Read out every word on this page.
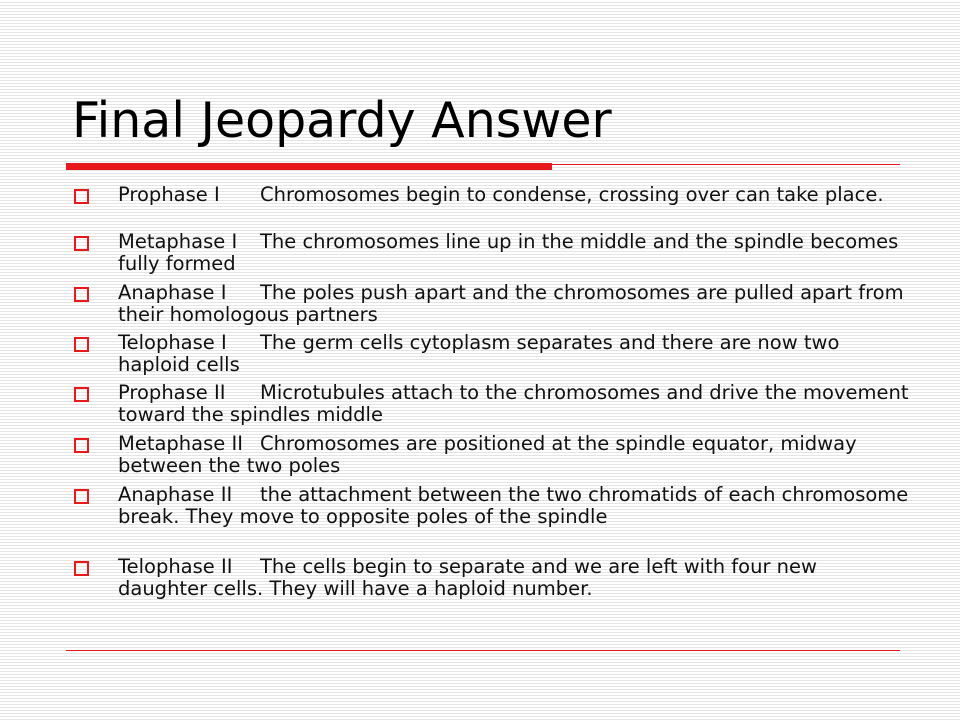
Final Jeopardy Answer
Prophase I Chromosomes begin to condense, crossing over can take place.
Metaphase I The chromosomes line up in the middle and the spindle becomes fully formed
Anaphase I The poles push apart and the chromosomes are pulled apart from their homologous partners
Telophase I The germ cells cytoplasm separates and there are now two haploid cells
Prophase II Microtubules attach to the chromosomes and drive the movement toward the spindles middle
Metaphase II Chromosomes are positioned at the spindle equator, midway between the two poles
Anaphase II the attachment between the two chromatids of each chromosome break. They move to opposite poles of the spindle
Telophase II The cells begin to separate and we are left with four new daughter cells. They will have a haploid number.
